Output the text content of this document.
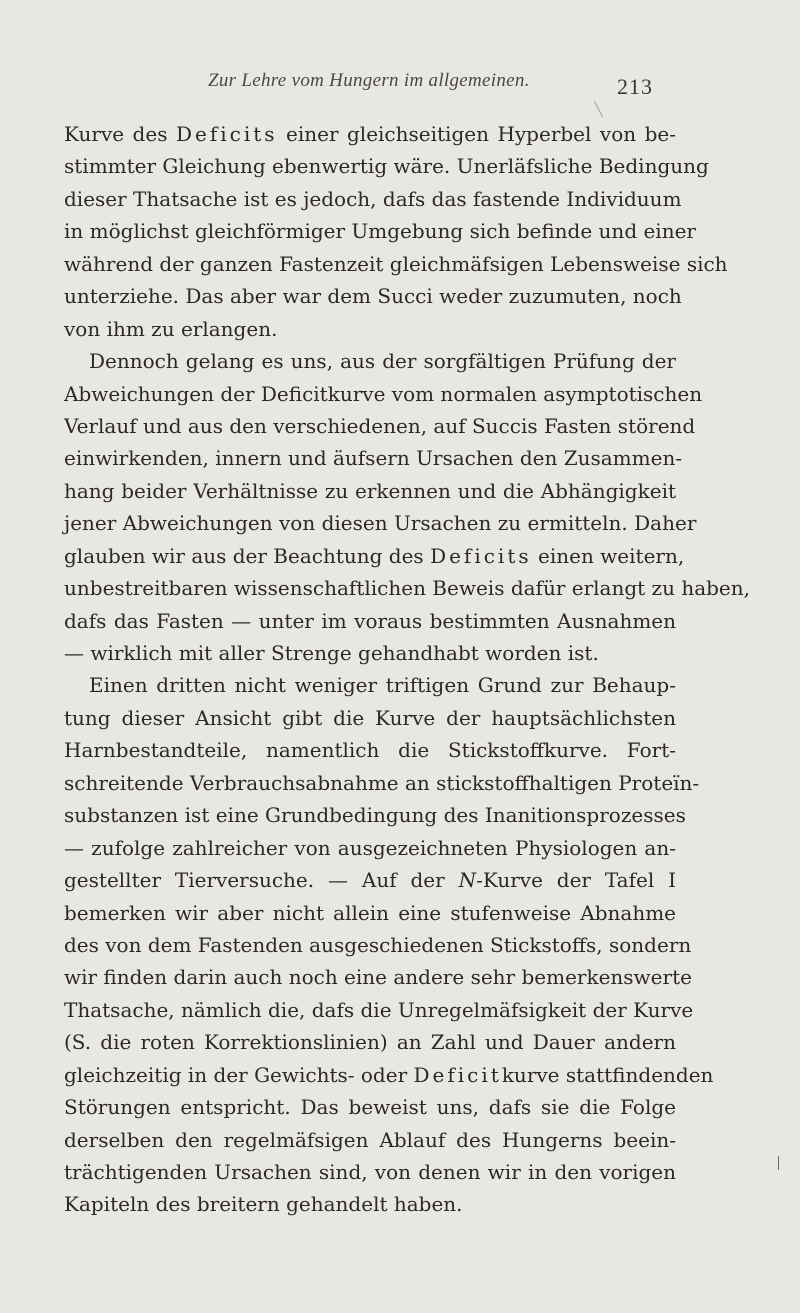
Zur Lehre vom Hungern im allgemeinen.	213
Kurve des Deficits einer gleichseitigen Hyperbel von be-
stimmter Gleichung ebenwertig wäre. Unerläfsliche Bedingung
dieser Thatsache ist es jedoch, dafs das fastende Individuum
in möglichst gleichförmiger Umgebung sich befinde und einer
während der ganzen Fastenzeit gleichmäfsigen Lebensweise sich
unterziehe. Das aber war dem Succi weder zuzumuten, noch
von ihm zu erlangen.
Dennoch gelang es uns, aus der sorgfältigen Prüfung der
Abweichungen der Deficitkurve vom normalen asymptotischen
Verlauf und aus den verschiedenen, auf Succis Fasten störend
einwirkenden, innern und äufsern Ursachen den Zusammen-
hang beider Verhältnisse zu erkennen und die Abhängigkeit
jener Abweichungen von diesen Ursachen zu ermitteln. Daher
glauben wir aus der Beachtung des Deficits einen weitern,
unbestreitbaren wissenschaftlichen Beweis dafür erlangt zu haben,
dafs das Fasten — unter im voraus bestimmten Ausnahmen
— wirklich mit aller Strenge gehandhabt worden ist.
Einen dritten nicht weniger triftigen Grund zur Behaup-
tung dieser Ansicht gibt die Kurve der hauptsächlichsten
Harnbestandteile, namentlich die Stickstoffkurve. Fort-
schreitende Verbrauchsabnahme an stickstoffhaltigen Proteïn-
substanzen ist eine Grundbedingung des Inanitionsprozesses
— zufolge zahlreicher von ausgezeichneten Physiologen an-
gestellter Tierversuche. — Auf der N-Kurve der Tafel I
bemerken wir aber nicht allein eine stufenweise Abnahme
des von dem Fastenden ausgeschiedenen Stickstoffs, sondern
wir finden darin auch noch eine andere sehr bemerkenswerte
Thatsache, nämlich die, dafs die Unregelmäfsigkeit der Kurve
(S. die roten Korrektionslinien) an Zahl und Dauer andern
gleichzeitig in der Gewichts- oder Deficitkurve stattfindenden
Störungen entspricht. Das beweist uns, dafs sie die Folge
derselben den regelmäfsigen Ablauf des Hungerns beein-
trächtigenden Ursachen sind, von denen wir in den vorigen
Kapiteln des breitern gehandelt haben.
